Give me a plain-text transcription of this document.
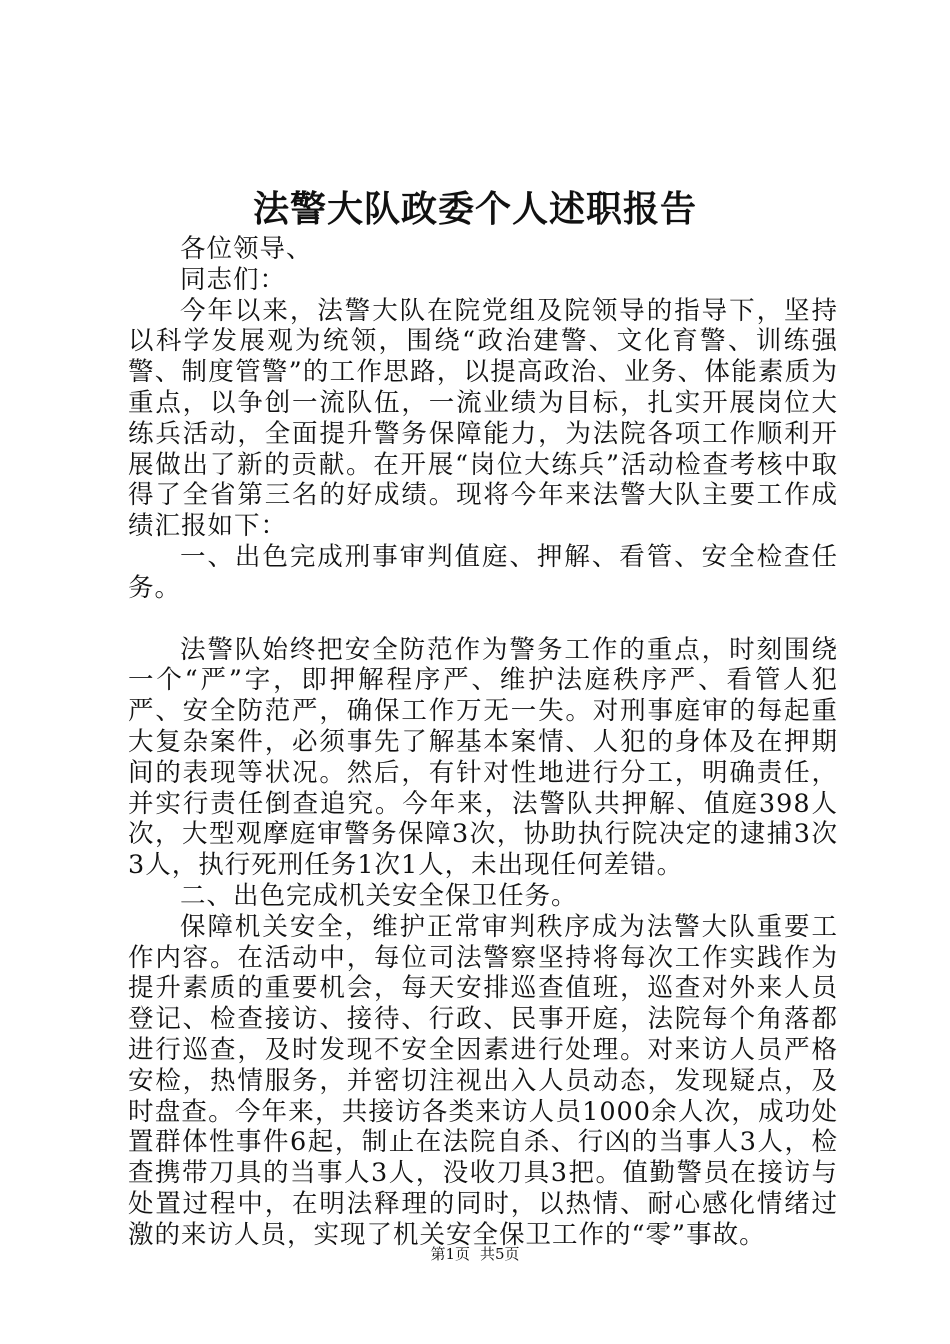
法警大队政委个人述职报告

各位领导、

同志们：

今年以来，法警大队在院党组及院领导的指导下，坚持以科学发展观为统领，围绕“政治建警、文化育警、训练强警、制度管警”的工作思路，以提高政治、业务、体能素质为重点，以争创一流队伍，一流业绩为目标，扎实开展岗位大练兵活动，全面提升警务保障能力，为法院各项工作顺利开展做出了新的贡献。在开展“岗位大练兵”活动检查考核中取得了全省第三名的好成绩。现将今年来法警大队主要工作成绩汇报如下：

一、出色完成刑事审判值庭、押解、看管、安全检查任务。

法警队始终把安全防范作为警务工作的重点，时刻围绕一个“严”字，即押解程序严、维护法庭秩序严、看管人犯严、安全防范严，确保工作万无一失。对刑事庭审的每起重大复杂案件，必须事先了解基本案情、人犯的身体及在押期间的表现等状况。然后，有针对性地进行分工，明确责任，并实行责任倒查追究。今年来，法警队共押解、值庭398人次，大型观摩庭审警务保障3次，协助执行院决定的逮捕3次3人，执行死刑任务1次1人，未出现任何差错。

二、出色完成机关安全保卫任务。

保障机关安全，维护正常审判秩序成为法警大队重要工作内容。在活动中，每位司法警察坚持将每次工作实践作为提升素质的重要机会，每天安排巡查值班，巡查对外来人员登记、检查接访、接待、行政、民事开庭，法院每个角落都进行巡查，及时发现不安全因素进行处理。对来访人员严格安检，热情服务，并密切注视出入人员动态，发现疑点，及时盘查。今年来，共接访各类来访人员1000余人次，成功处置群体性事件6起，制止在法院自杀、行凶的当事人3人，检查携带刀具的当事人3人，没收刀具3把。值勤警员在接访与处置过程中，在明法释理的同时，以热情、耐心感化情绪过激的来访人员，实现了机关安全保卫工作的“零”事故。

第1页 共5页
